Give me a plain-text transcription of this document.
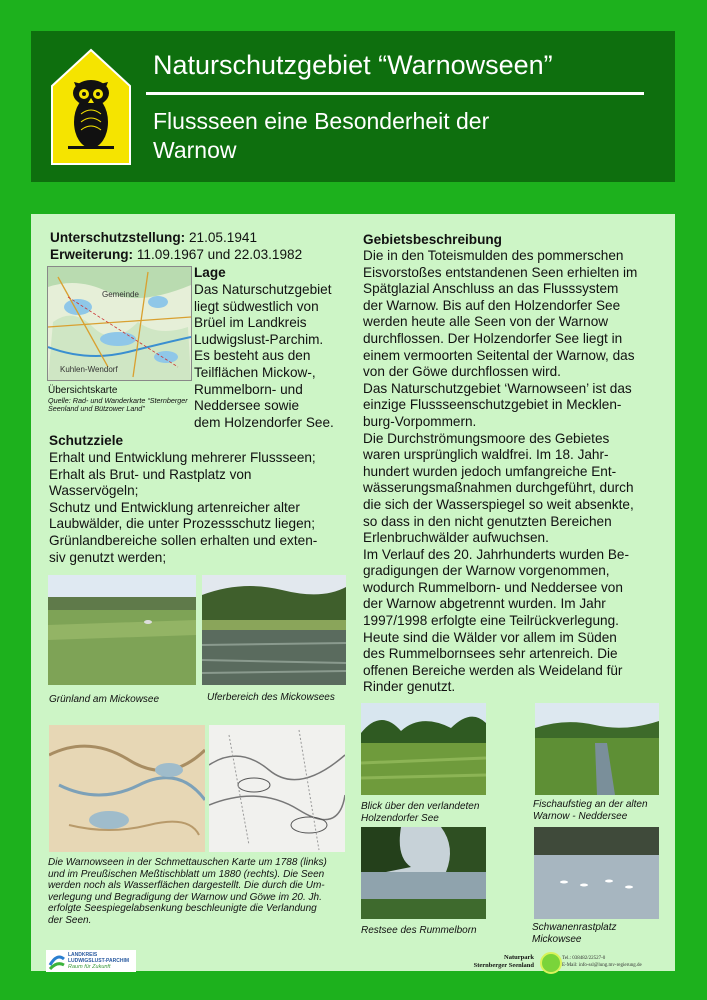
Naturschutzgebiet “Warnowseen”
Flussseen eine Besonderheit der
Warnow
Unterschutzstellung: 21.05.1941
Erweiterung: 11.09.1967 und 22.03.1982
Gemeinde
Kuhlen-Wendorf
Übersichtskarte
Quelle: Rad- und Wanderkarte “Sternberger
Seenland und Bützower Land”
Lage
Das Naturschutzgebiet
liegt südwestlich von
Brüel im Landkreis
Ludwigslust-Parchim.
Es besteht aus den
Teilflächen Mickow-,
Rummelborn- und
Neddersee sowie
dem Holzendorfer See.
Schutzziele
Erhalt und Entwicklung mehrerer Flussseen;
Erhalt als Brut- und Rastplatz von
Wasservögeln;
Schutz und Entwicklung artenreicher alter
Laubwälder, die unter Prozessschutz liegen;
Grünlandbereiche sollen erhalten und exten-
siv genutzt werden;
Gebietsbeschreibung
Die in den Toteismulden des pommerschen
Eisvorstoßes entstandenen Seen erhielten im
Spätglazial Anschluss an das Flusssystem
der Warnow. Bis auf den Holzendorfer See
werden heute alle Seen von der Warnow
durchflossen. Der Holzendorfer See liegt in
einem vermoorten Seitental der Warnow, das
von der Göwe durchflossen wird.
Das Naturschutzgebiet ‘Warnowseen’ ist das
einzige Flussseenschutzgebiet in Mecklen-
burg-Vorpommern.
Die Durchströmungsmoore des Gebietes
waren ursprünglich waldfrei. Im 18. Jahr-
hundert wurden jedoch umfangreiche Ent-
wässerungsmaßnahmen durchgeführt, durch
die sich der Wasserspiegel so weit absenkte,
so dass in den nicht genutzten Bereichen
Erlenbruchwälder aufwuchsen.
Im Verlauf des 20. Jahrhunderts wurden Be-
gradigungen der Warnow vorgenommen,
wodurch Rummelborn- und Neddersee von
der Warnow abgetrennt wurden. Im Jahr
1997/1998 erfolgte eine Teilrückverlegung.
Heute sind die Wälder vor allem im Süden
des Rummelbornsees sehr artenreich. Die
offenen Bereiche werden als Weideland für
Rinder genutzt.
Grünland am Mickowsee	Uferbereich des Mickowsees
Die Warnowseen in der Schmettauschen Karte um 1788 (links)
und im Preußischen Meßtischblatt um 1880 (rechts). Die Seen
werden noch als Wasserflächen dargestellt. Die durch die Um-
verlegung und Begradigung der Warnow und Göwe im 20. Jh.
erfolgte Seespiegelabsenkung beschleunigte die Verlandung
der Seen.
Blick über den verlandeten
Holzendorfer See
Fischaufstieg an der alten
Warnow - Neddersee
Restsee des Rummelborn	Schwanenrastplatz
Mickowsee
LANDKREIS
LUDWIGSLUST-PARCHIM
Raum für Zukunft
Naturpark
Sternberger Seenland
Tel.: 038482/22527-0
E-Mail: info-ssl@lung.mv-regierung.de
